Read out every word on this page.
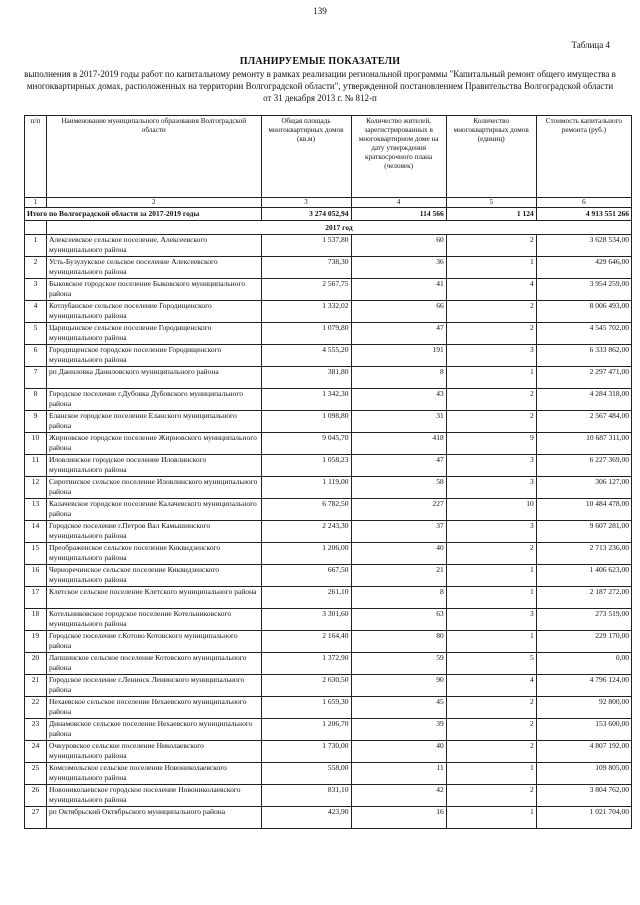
139
Таблица 4
ПЛАНИРУЕМЫЕ ПОКАЗАТЕЛИ
выполнения в 2017-2019 годы работ по капитальному ремонту в рамках реализации региональной программы "Капитальный ремонт общего имущества в многоквартирных домах, расположенных на территории Волгоградской области", утвержденной постановлением Правительства Волгоградской области от 31 декабря 2013 г. № 812-п
п/п	Наименование муниципального образования Волгоградской области	Общая площадь многоквартирных домов (кв.м)	Количество жителей, зарегистрированных в многоквартирном доме на дату утверждения краткосрочного плана (человек)	Количество многоквартирных домов (единиц)	Стоимость капитального ремонта (руб.)
1	2	3	4	5	6
Итого по Волгоградской области за 2017-2019 годы		3 274 052,94	114 566	1 124	4 913 551 266
	2017 год				
1	Алексеевское сельское поселение, Алексеевского муниципального района	1 537,80	60	2	3 628 534,00
2	Усть-Бузулукское сельское поселение Алексеевского муниципального района	738,30	36	1	429 646,00
3	Быковское городское поселение Быковского муниципального района	2 567,75	41	4	3 954 259,00
4	Котлубанское сельское поселение Городищенского муниципального района	1 332,02	66	2	8 006 493,00
5	Царицынское сельское поселение Городищенского муниципального района	1 079,80	47	2	4 545 702,00
6	Городищенское городское поселение Городищенского муниципального района	4 555,20	191	3	6 333 862,00
7	рп Даниловка Даниловского муниципального района	381,80	8	1	2 297 471,00
8	Городское поселение г.Дубовка Дубовского муниципального района	1 342,30	43	2	4 284 318,00
9	Еланское городское поселение Еланского муниципального района	1 098,80	31	2	2 567 484,00
10	Жирновское городское поселение Жирновского муниципального района	9 045,70	418	9	10 687 311,00
11	Иловлинское городское поселение Иловлинского муниципального района	1 058,23	47	3	6 227 369,00
12	Сиротинское сельское поселение Иловлинского муниципального района	1 119,00	58	3	306 127,00
13	Калачевское городское поселение Калачевского муниципального района	6 782,50	227	10	10 484 478,00
14	Городское поселение г.Петров Вал Камышинского муниципального района	2 243,30	37	3	9 607 281,00
15	Преображенское сельское поселение Киквидзенского муниципального района	1 206,00	40	2	2 713 236,00
16	Черноречинское сельское поселение Киквидзенского муниципального района	667,50	21	1	1 406 623,00
17	Клетское сельское поселение Клетского муниципального района	261,10	8	1	2 187 272,00
18	Котельниковское городское поселение Котельниковского муниципального района	3 301,60	63	3	273 519,00
19	Городское поселение г.Котово Котовского муниципального района	2 164,40	80	1	229 170,00
20	Лапшинское сельское поселение Котовского муниципального района	1 372,90	59	5	0,00
21	Городское поселение г.Ленинск Ленинского муниципального района	2 630,50	90	4	4 796 124,00
22	Нехаевское сельское поселение Нехаевского муниципального района	1 659,30	45	2	92 800,00
23	Динамовское сельское поселение Нехаевского муниципального района	1 206,70	39	2	153 600,00
24	Очкуровское сельское поселение Николаевского муниципального района	1 730,00	40	2	4 807 192,00
25	Комсомольское сельское поселение Новониколаевского муниципального района	558,00	11	1	109 805,00
26	Новониколаевское городское поселение Новониколаевского муниципального района	831,10	42	2	3 804 762,00
27	рп Октябрьский Октябрьского муниципального района	423,90	16	1	1 021 704,00
